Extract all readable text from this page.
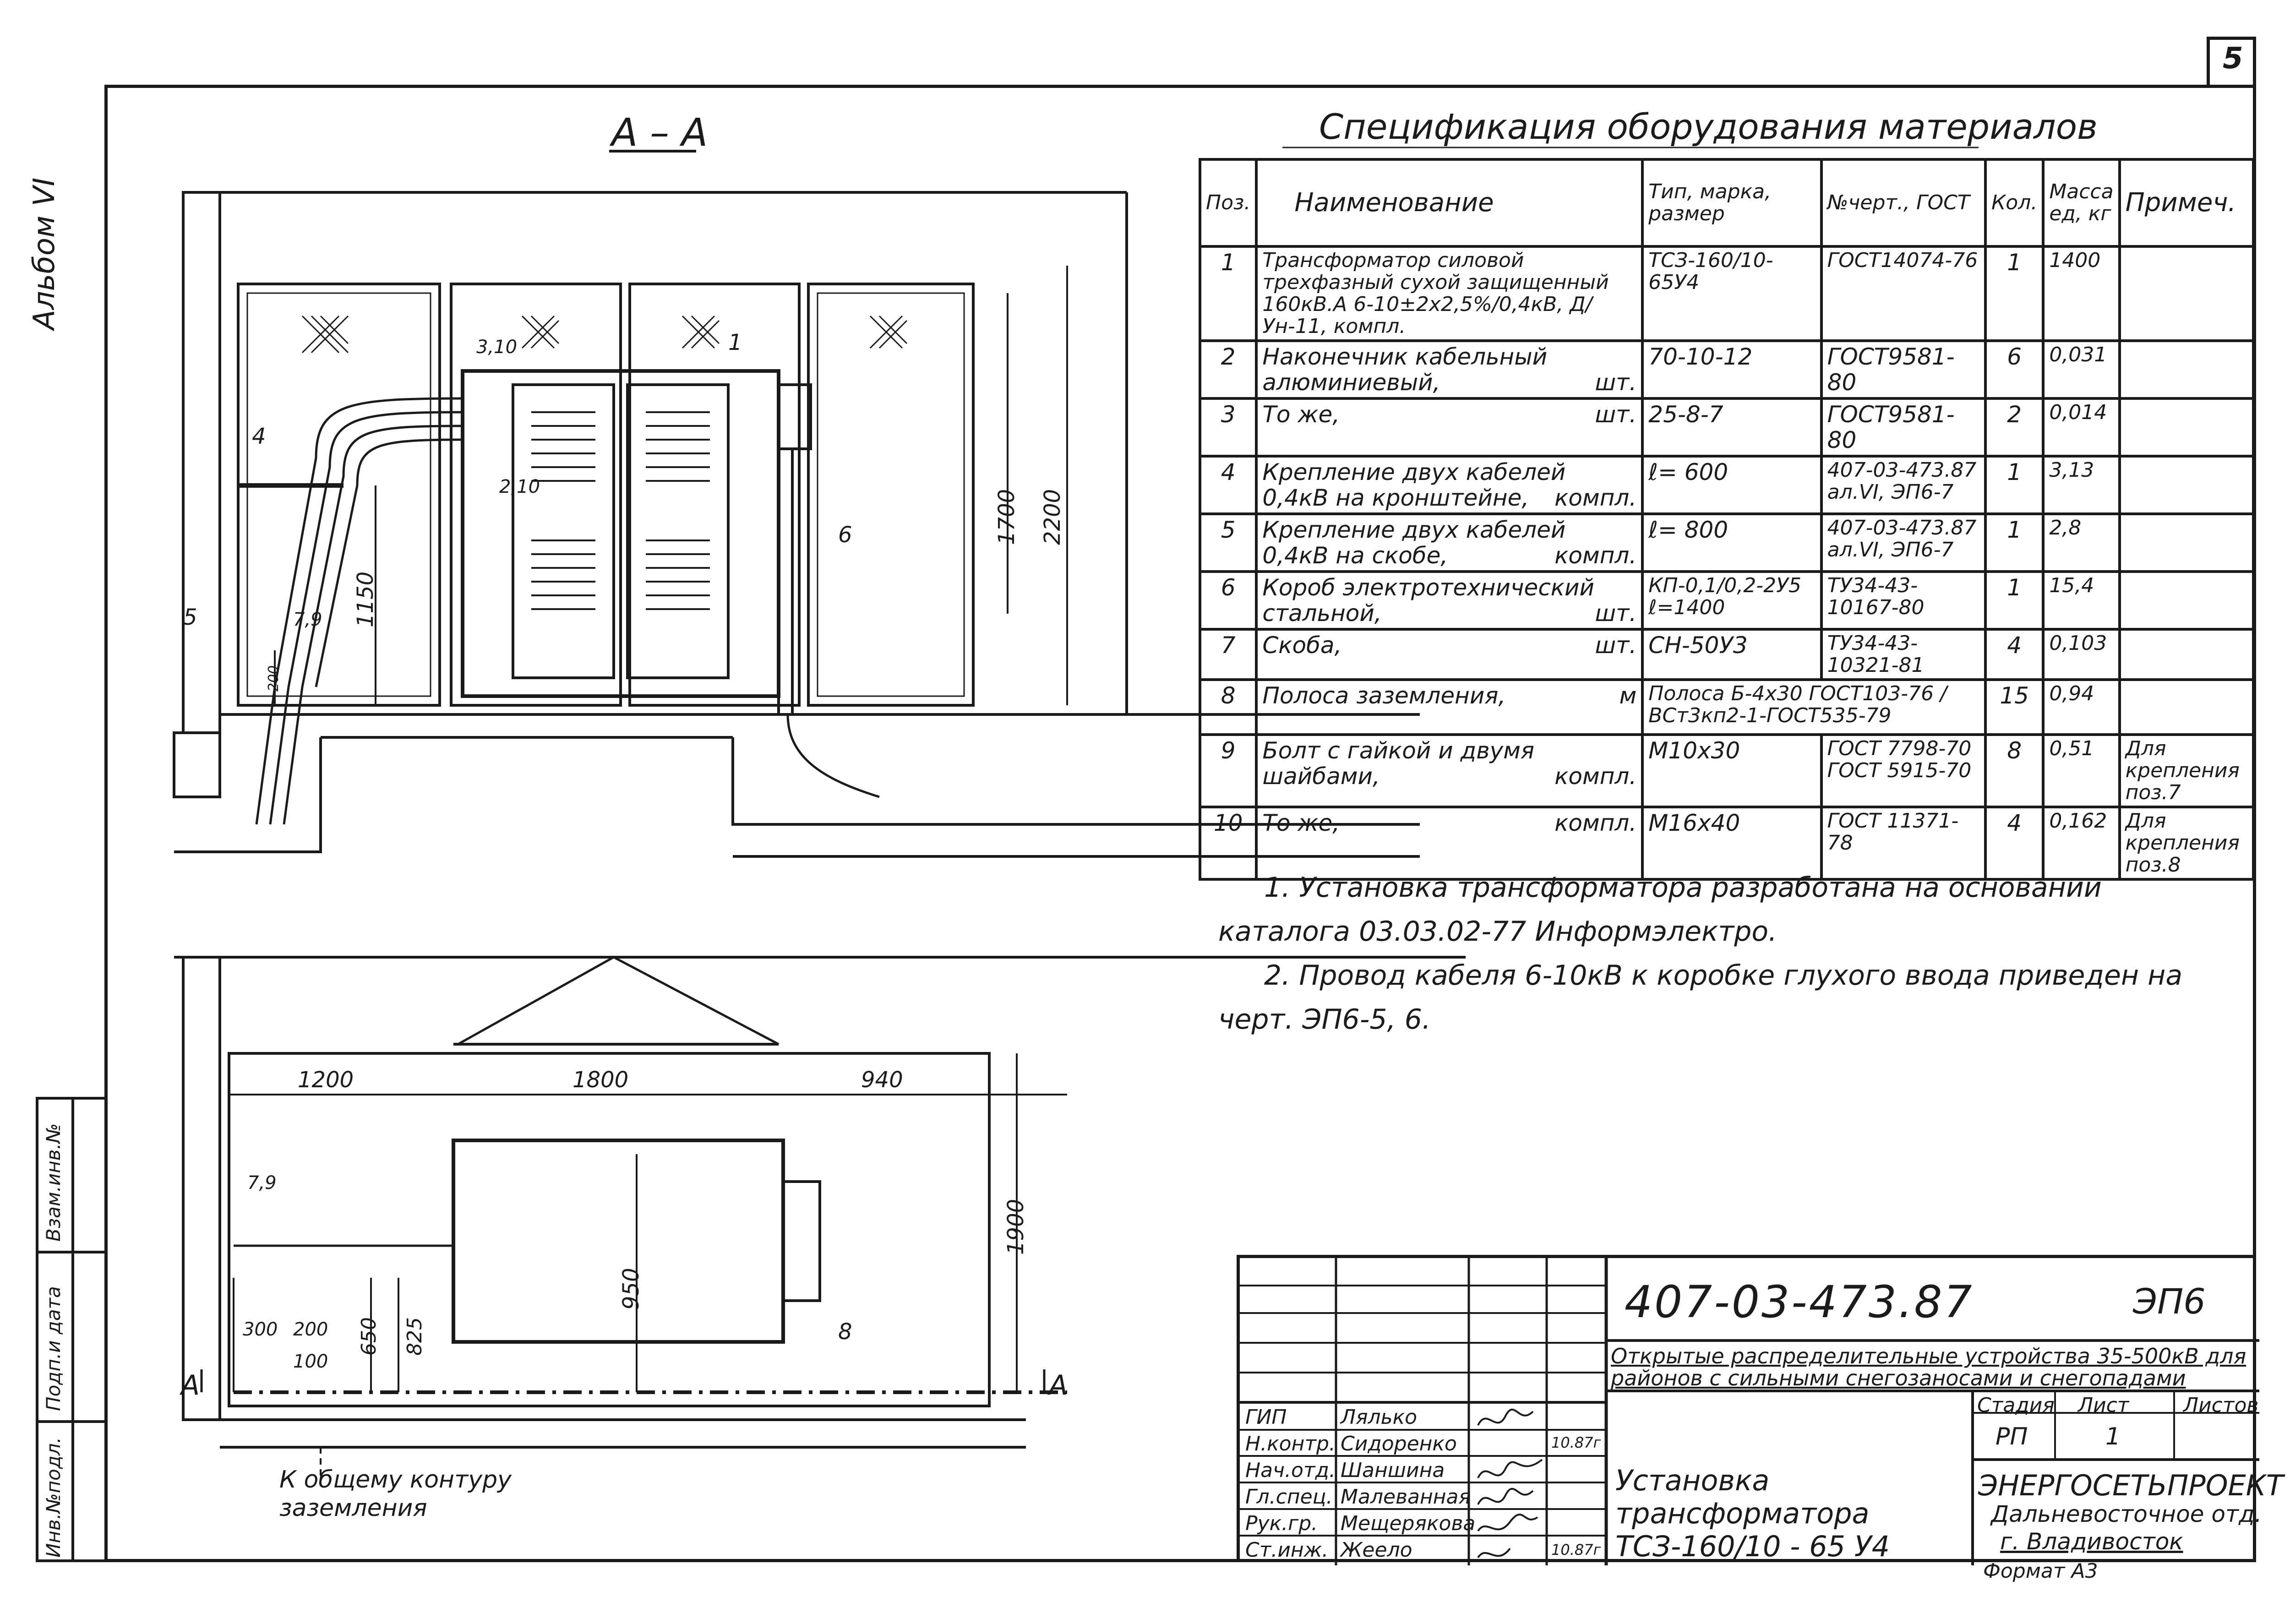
5
Альбом VI
Инв.№подл.
Подп.и дата
Взам.инв.№
А – А
1
3,10
4
2,10
6
5	7,9
7,9
8
1700 2200
1150
200
1200	1800	940
1900
950
825
650
300 200
100
А	А
К общему контуру заземления
Спецификация оборудования материалов
Поз.	Наименование	Тип, марка, размер	№черт., ГОСТ	Кол.	Масса ед, кг	Примеч.
1	Трансформатор силовой трехфазный сухой защищенный 160кВ.А 6-10±2х2,5%/0,4кВ, Д/Ун-11, компл.	ТСЗ-160/10-65У4	ГОСТ14074-76	1	1400	
2	Наконечник кабельный алюминиевый, шт.	70-10-12	ГОСТ9581-80	6	0,031	
3	То же, шт.	25-8-7	ГОСТ9581-80	2	0,014	
4	Крепление двух кабелей 0,4кВ на кронштейне, компл.	ℓ= 600	407-03-473.87 ал.VI, ЭП6-7	1	3,13	
5	Крепление двух кабелей 0,4кВ на скобе, компл.	ℓ= 800	407-03-473.87 ал.VI, ЭП6-7	1	2,8	
6	Короб электротехнический стальной, шт.	КП-0,1/0,2-2У5 ℓ=1400	ТУ34-43-10167-80	1	15,4	
7	Скоба, шт.	СН-50У3	ТУ34-43-10321-81	4	0,103	
8	Полоса заземления, м	Полоса Б-4х30 ГОСТ103-76 / ВСт3кп2-1-ГОСТ535-79		15	0,94	
9	Болт с гайкой и двумя шайбами, компл.	М10х30	ГОСТ 7798-70 ГОСТ 5915-70	8	0,51	Для крепления поз.7
10	То же, компл.	М16х40	ГОСТ 11371-78	4	0,162	Для крепления поз.8
1. Установка трансформатора разработана на основании каталога 03.03.02-77 Информэлектро.
2. Провод кабеля 6-10кВ к коробке глухого ввода приведен на черт. ЭП6-5, 6.
ГИП	Лялько
Н.контр. Сидоренко	10.87г
Нач.отд. Шаншина
Гл.спец. Малеванная
Рук.гр. Мещерякова
Ст.инж. Жеело	10.87г
407-03-473.87	ЭП6
Открытые распределительные устройства 35-500кВ для районов с сильными снегозаносами и снегопадами
Установка трансформатора ТСЗ-160/10 - 65 У4
Стадия Лист	Листов
РП	1
ЭНЕРГОСЕТЬПРОЕКТ
Дальневосточное отд.
г. Владивосток
Формат А3
